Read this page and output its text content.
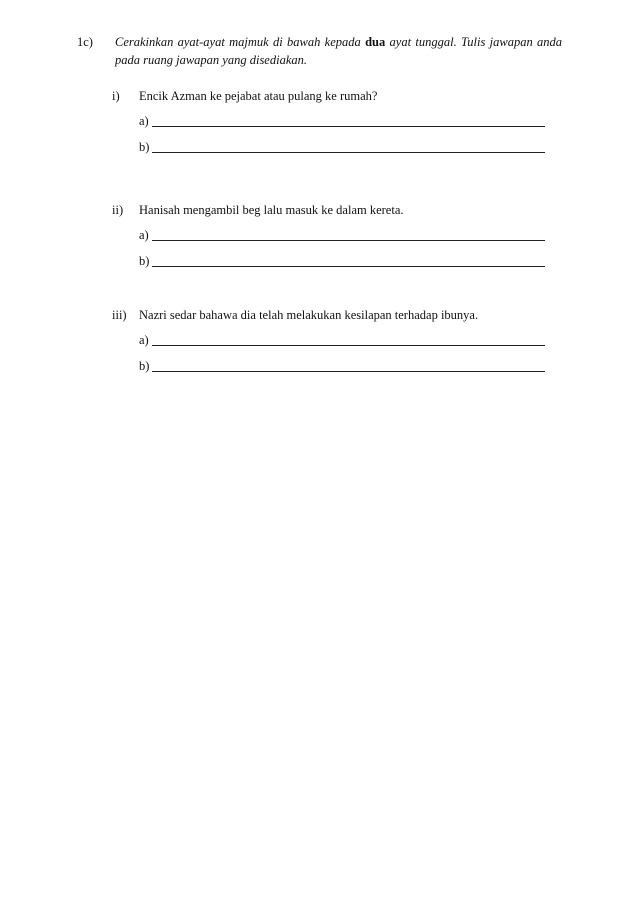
1c) Cerakinkan ayat-ayat majmuk di bawah kepada dua ayat tunggal. Tulis jawapan anda pada ruang jawapan yang disediakan.
i)	Encik Azman ke pejabat atau pulang ke rumah?
a)
b)
ii)	Hanisah mengambil beg lalu masuk ke dalam kereta.
a)
b)
iii) Nazri sedar bahawa dia telah melakukan kesilapan terhadap ibunya.
a)
b)
